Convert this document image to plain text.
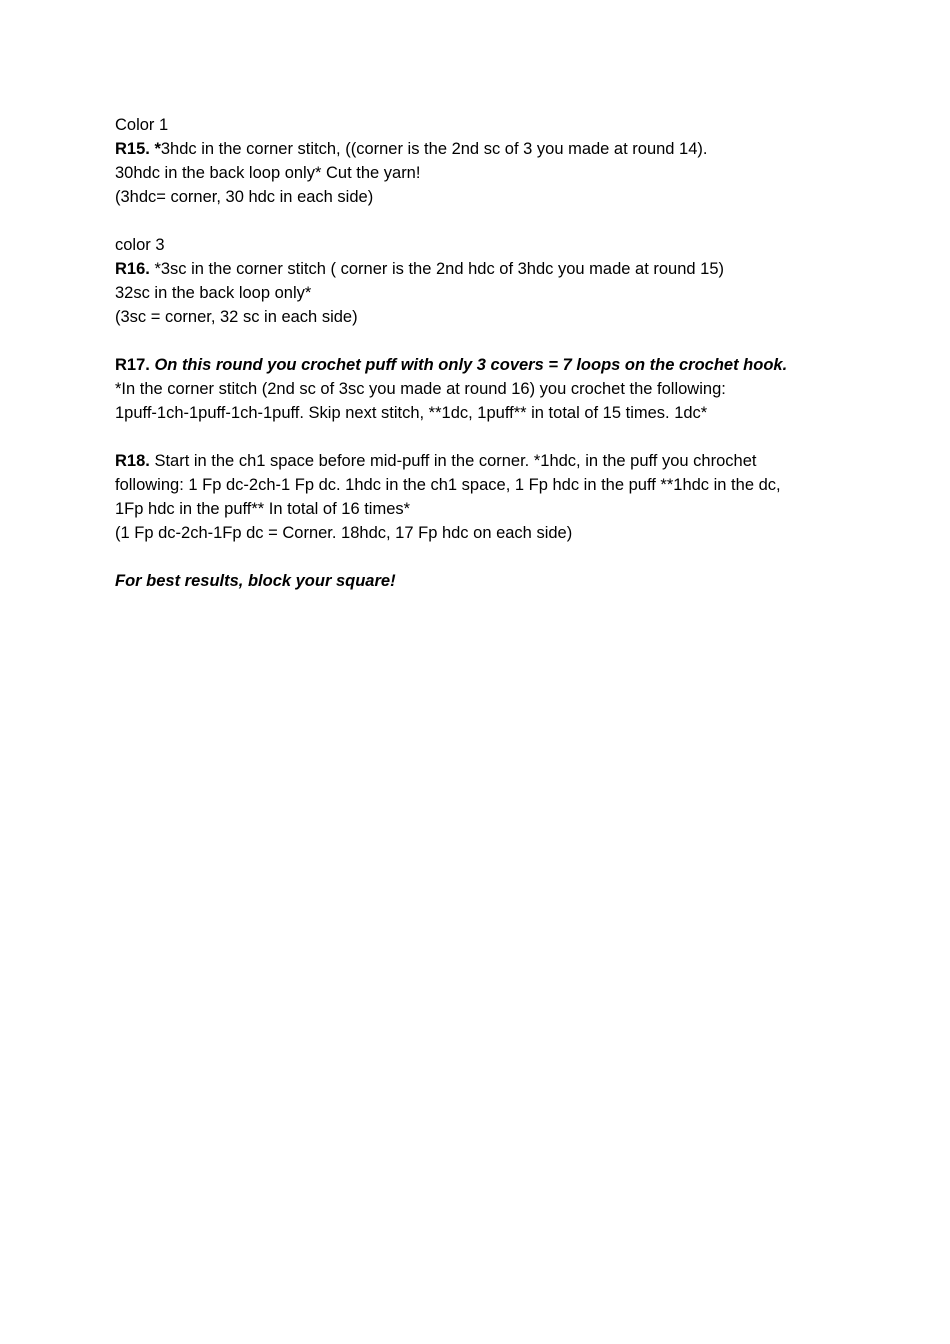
Color 1
R15. *3hdc in the corner stitch, ((corner is the 2nd sc of 3 you made at round 14).
30hdc in the back loop only* Cut the yarn!
(3hdc= corner, 30 hdc in each side)
color 3
R16. *3sc in the corner stitch ( corner is the 2nd hdc of 3hdc you made at round 15)
32sc in the back loop only*
(3sc = corner, 32 sc in each side)
R17. On this round you crochet puff with only 3 covers = 7 loops on the crochet hook.
*In the corner stitch (2nd sc of 3sc you made at round 16) you crochet the following:
1puff-1ch-1puff-1ch-1puff. Skip next stitch, **1dc, 1puff** in total of 15 times. 1dc*
R18. Start in the ch1 space before mid-puff in the corner. *1hdc, in the puff you chrochet
following: 1 Fp dc-2ch-1 Fp dc. 1hdc in the ch1 space, 1 Fp hdc in the puff **1hdc in the dc,
1Fp hdc in the puff** In total of 16 times*
(1 Fp dc-2ch-1Fp dc = Corner. 18hdc, 17 Fp hdc on each side)
For best results, block your square!
